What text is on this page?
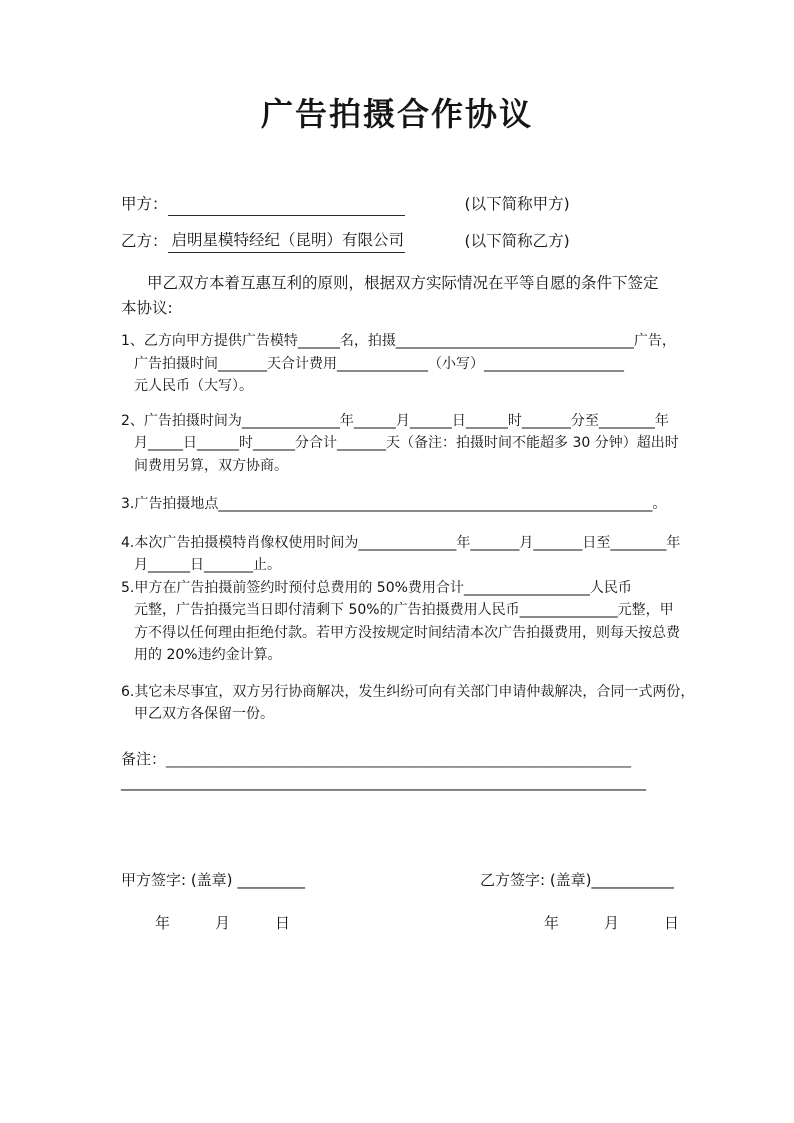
广告拍摄合作协议
甲方：	(以下简称甲方)
乙方： 启明星模特经纪（昆明）有限公司	(以下简称乙方)
甲乙双方本着互惠互利的原则，根据双方实际情况在平等自愿的条件下签定
本协议:
1、乙方向甲方提供广告模特______名，拍摄__________________________________广告，
广告拍摄时间_______天合计费用_____________（小写）____________________
元人民币（大写）。
2、广告拍摄时间为______________年______月______日______时_______分至________年
月_____日______时______分合计_______天（备注：拍摄时间不能超多 30 分钟）超出时
间费用另算，双方协商。
3.广告拍摄地点______________________________________________________________。
4.本次广告拍摄模特肖像权使用时间为______________年_______月_______日至________年
月______日_______止。
5.甲方在广告拍摄前签约时预付总费用的 50%费用合计__________________人民币
元整，广告拍摄完当日即付清剩下 50%的广告拍摄费用人民币______________元整，甲
方不得以任何理由拒绝付款。若甲方没按规定时间结清本次广告拍摄费用，则每天按总费
用的 20%违约金计算。
6.其它未尽事宜，双方另行协商解决，发生纠纷可向有关部门申请仲裁解决，合同一式两份，
甲乙双方各保留一份。
备注：______________________________________________________________
______________________________________________________________________
甲方签字: (盖章) _________	乙方签字: (盖章)___________
年　　　月　　　日	年　　　月　　　日
